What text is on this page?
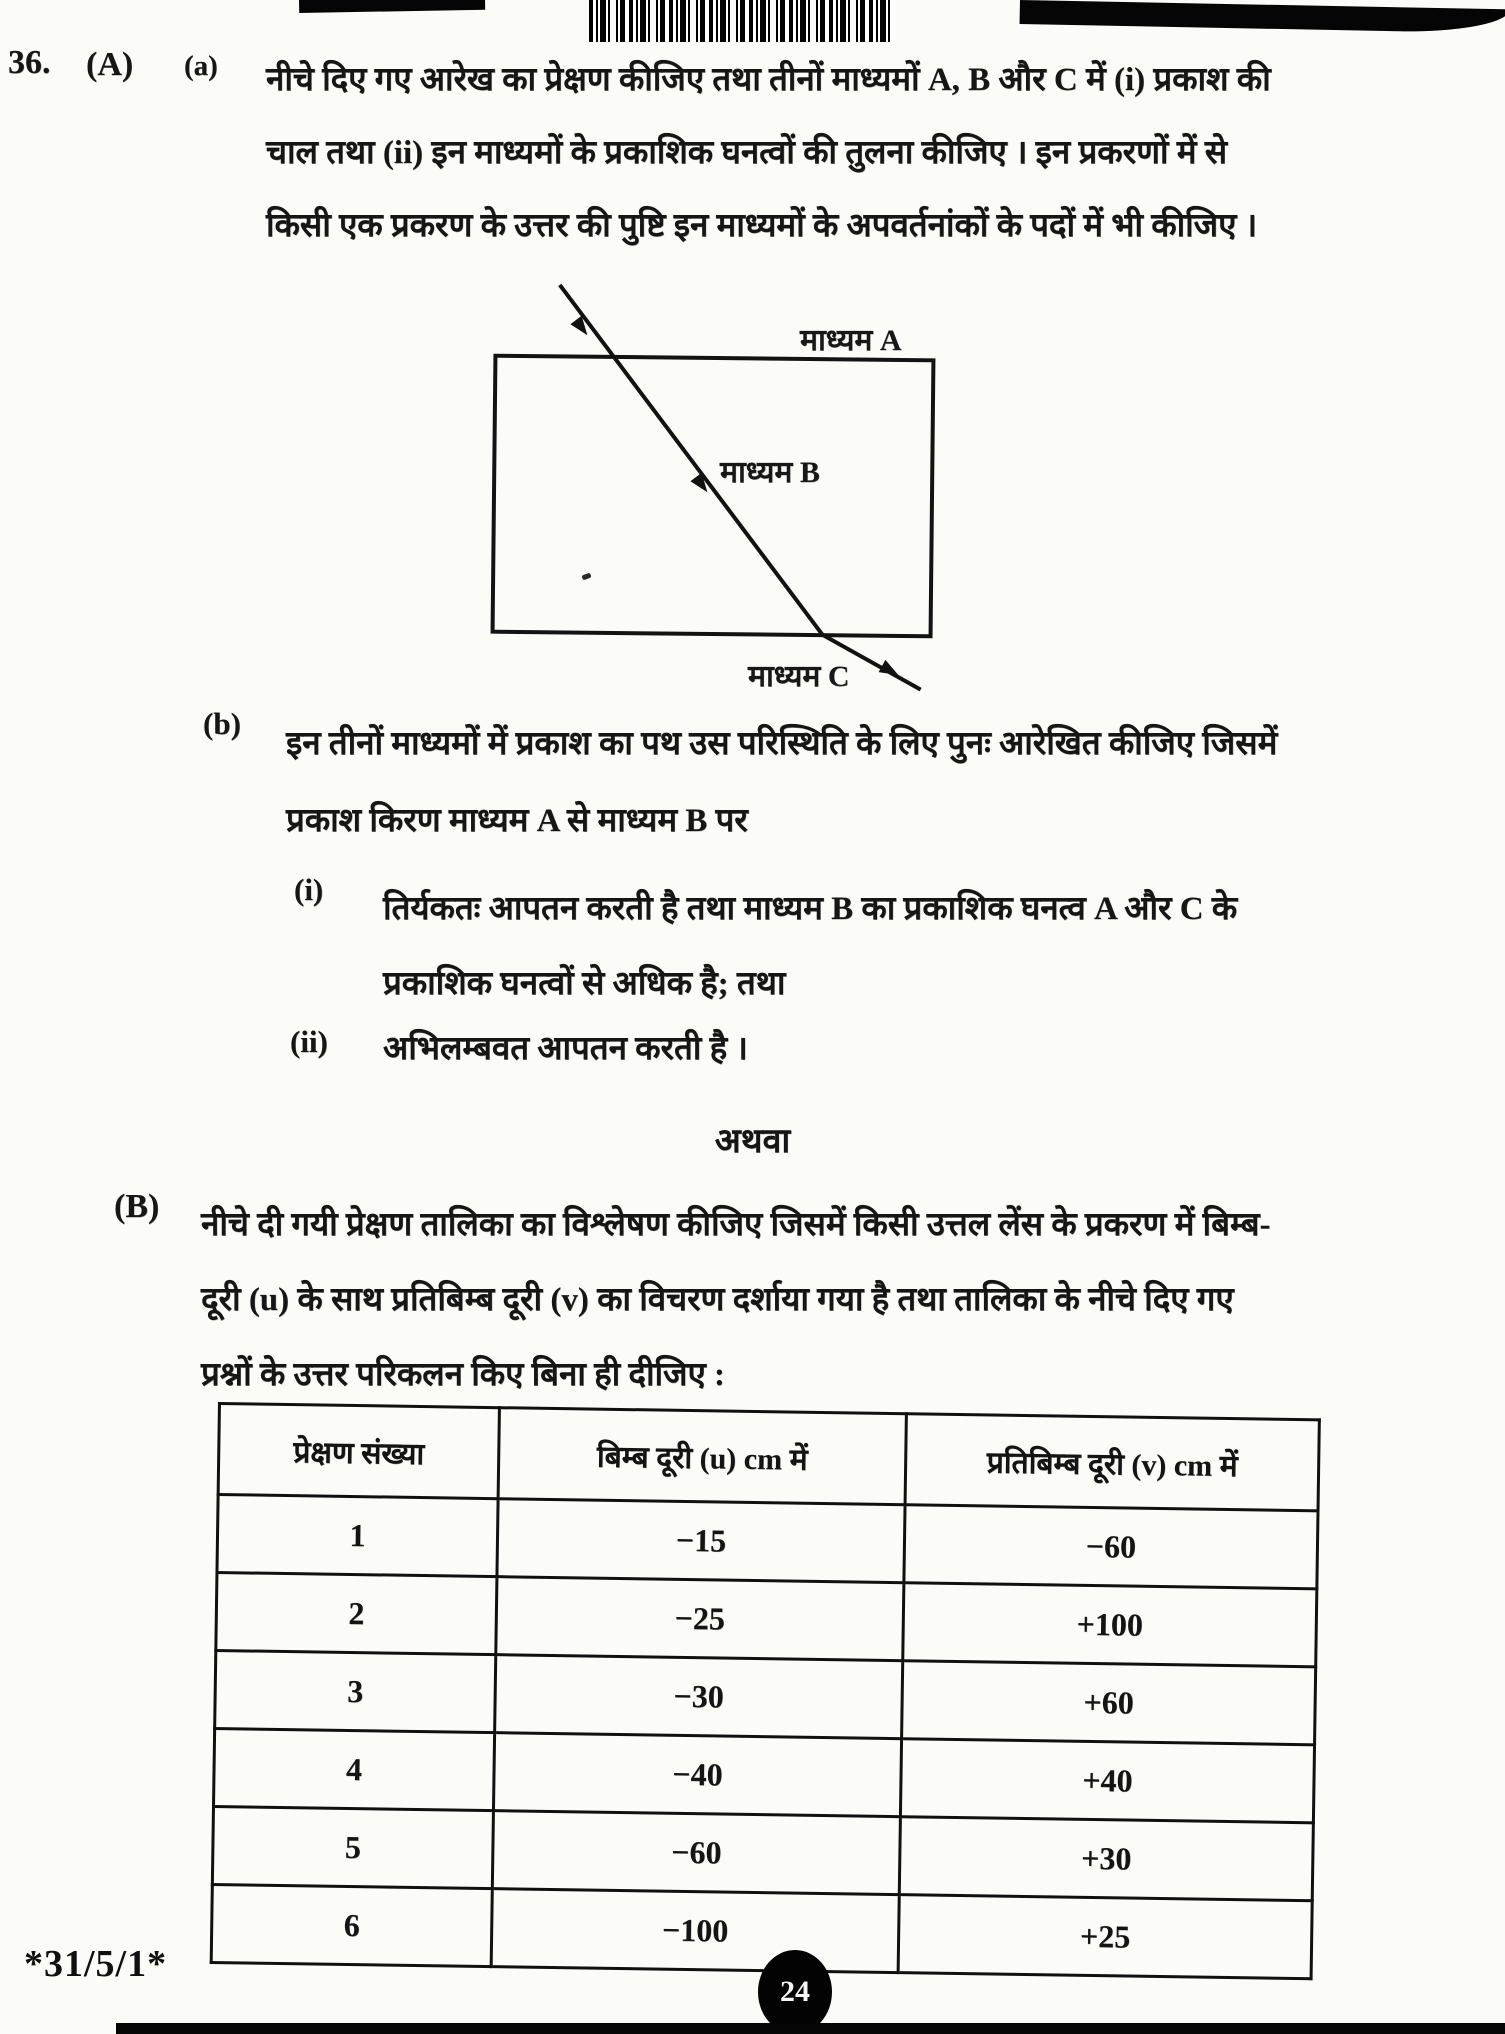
36. (A) (a) नीचे दिए गए आरेख का प्रेक्षण कीजिए तथा तीनों माध्यमों A, B और C में (i) प्रकाश की
चाल तथा (ii) इन माध्यमों के प्रकाशिक घनत्वों की तुलना कीजिए । इन प्रकरणों में से
किसी एक प्रकरण के उत्तर की पुष्टि इन माध्यमों के अपवर्तनांकों के पदों में भी कीजिए ।
माध्यम A
माध्यम B
माध्यम C
(b)
इन तीनों माध्यमों में प्रकाश का पथ उस परिस्थिति के लिए पुनः आरेखित कीजिए जिसमें
प्रकाश किरण माध्यम A से माध्यम B पर
(i)
तिर्यकतः आपतन करती है तथा माध्यम B का प्रकाशिक घनत्व A और C के
प्रकाशिक घनत्वों से अधिक है; तथा
(ii) अभिलम्बवत आपतन करती है ।
अथवा
(B) नीचे दी गयी प्रेक्षण तालिका का विश्लेषण कीजिए जिसमें किसी उत्तल लेंस के प्रकरण में बिम्ब-
दूरी (u) के साथ प्रतिबिम्ब दूरी (v) का विचरण दर्शाया गया है तथा तालिका के नीचे दिए गए
प्रश्नों के उत्तर परिकलन किए बिना ही दीजिए :
प्रेक्षण संख्या	बिम्ब दूरी (u) cm में	प्रतिबिम्ब दूरी (v) cm में
1	−15	−60
2	−25	+100
3	−30	+60
4	−40	+40
5	−60	+30
6	−100	+25
*31/5/1*
24
